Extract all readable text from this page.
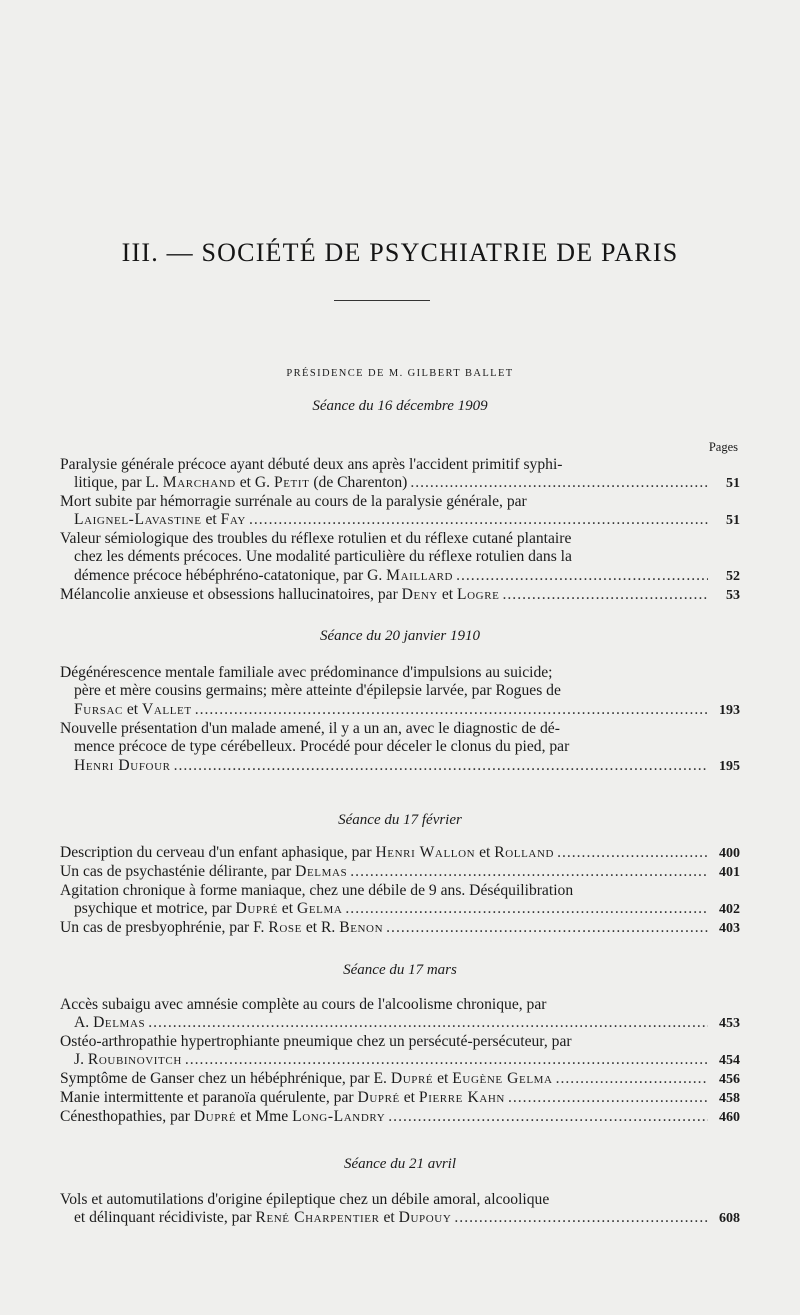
III. — SOCIÉTÉ DE PSYCHIATRIE DE PARIS
PRÉSIDENCE DE M. GILBERT BALLET
Pages
Séance du 16 décembre 1909
Paralysie générale précoce ayant débuté deux ans après l'accident primitif syphi-
litique, par L. Marchand et G. Petit (de Charenton) .....	51
Mort subite par hémorragie surrénale au cours de la paralysie générale, par
Laignel-Lavastine et Fay .....	51
Valeur sémiologique des troubles du réflexe rotulien et du réflexe cutané plantaire
chez les déments précoces. Une modalité particulière du réflexe rotulien dans la
démence précoce hébéphréno-catatonique, par G. Maillard .....	52
Mélancolie anxieuse et obsessions hallucinatoires, par Deny et Logre .....	53
Séance du 20 janvier 1910
Dégénérescence mentale familiale avec prédominance d'impulsions au suicide;
père et mère cousins germains; mère atteinte d'épilepsie larvée, par Rogues de
Fursac et Vallet .....	193
Nouvelle présentation d'un malade amené, il y a un an, avec le diagnostic de dé-
mence précoce de type cérébelleux. Procédé pour déceler le clonus du pied, par
Henri Dufour .....	195
Séance du 17 février
Description du cerveau d'un enfant aphasique, par Henri Wallon et Rolland .....	400
Un cas de psychasténie délirante, par Delmas .....	401
Agitation chronique à forme maniaque, chez une débile de 9 ans. Déséquilibration
psychique et motrice, par Dupré et Gelma .....	402
Un cas de presbyophrénie, par F. Rose et R. Benon .....	403
Séance du 17 mars
Accès subaigu avec amnésie complète au cours de l'alcoolisme chronique, par
A. Delmas .....	453
Ostéo-arthropathie hypertrophiante pneumique chez un persécuté-persécuteur, par
J. Roubinovitch .....	454
Symptôme de Ganser chez un hébéphrénique, par E. Dupré et Eugène Gelma .....	456
Manie intermittente et paranoïa quérulente, par Dupré et Pierre Kahn .....	458
Cénesthopathies, par Dupré et Mme Long-Landry .....	460
Séance du 21 avril
Vols et automutilations d'origine épileptique chez un débile amoral, alcoolique
et délinquant récidiviste, par René Charpentier et Dupouy .....	608
